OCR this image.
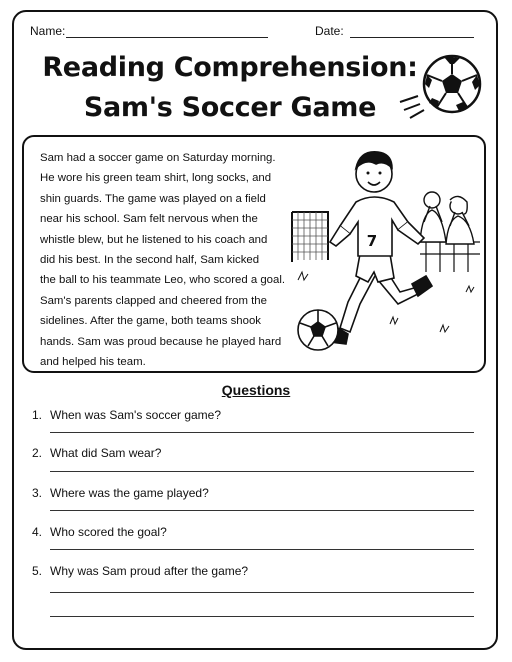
Name:	Date:
Reading Comprehension:
Sam's Soccer Game
Sam had a soccer game on Saturday morning.
He wore his green team shirt, long socks, and
shin guards. The game was played on a field
near his school. Sam felt nervous when the
whistle blew, but he listened to his coach and
did his best. In the second half, Sam kicked
the ball to his teammate Leo, who scored a goal.
Sam's parents clapped and cheered from the
sidelines. After the game, both teams shook
hands. Sam was proud because he played hard
and helped his team.
7
Questions
1. When was Sam's soccer game?
2. What did Sam wear?
3. Where was the game played?
4. Who scored the goal?
5. Why was Sam proud after the game?
